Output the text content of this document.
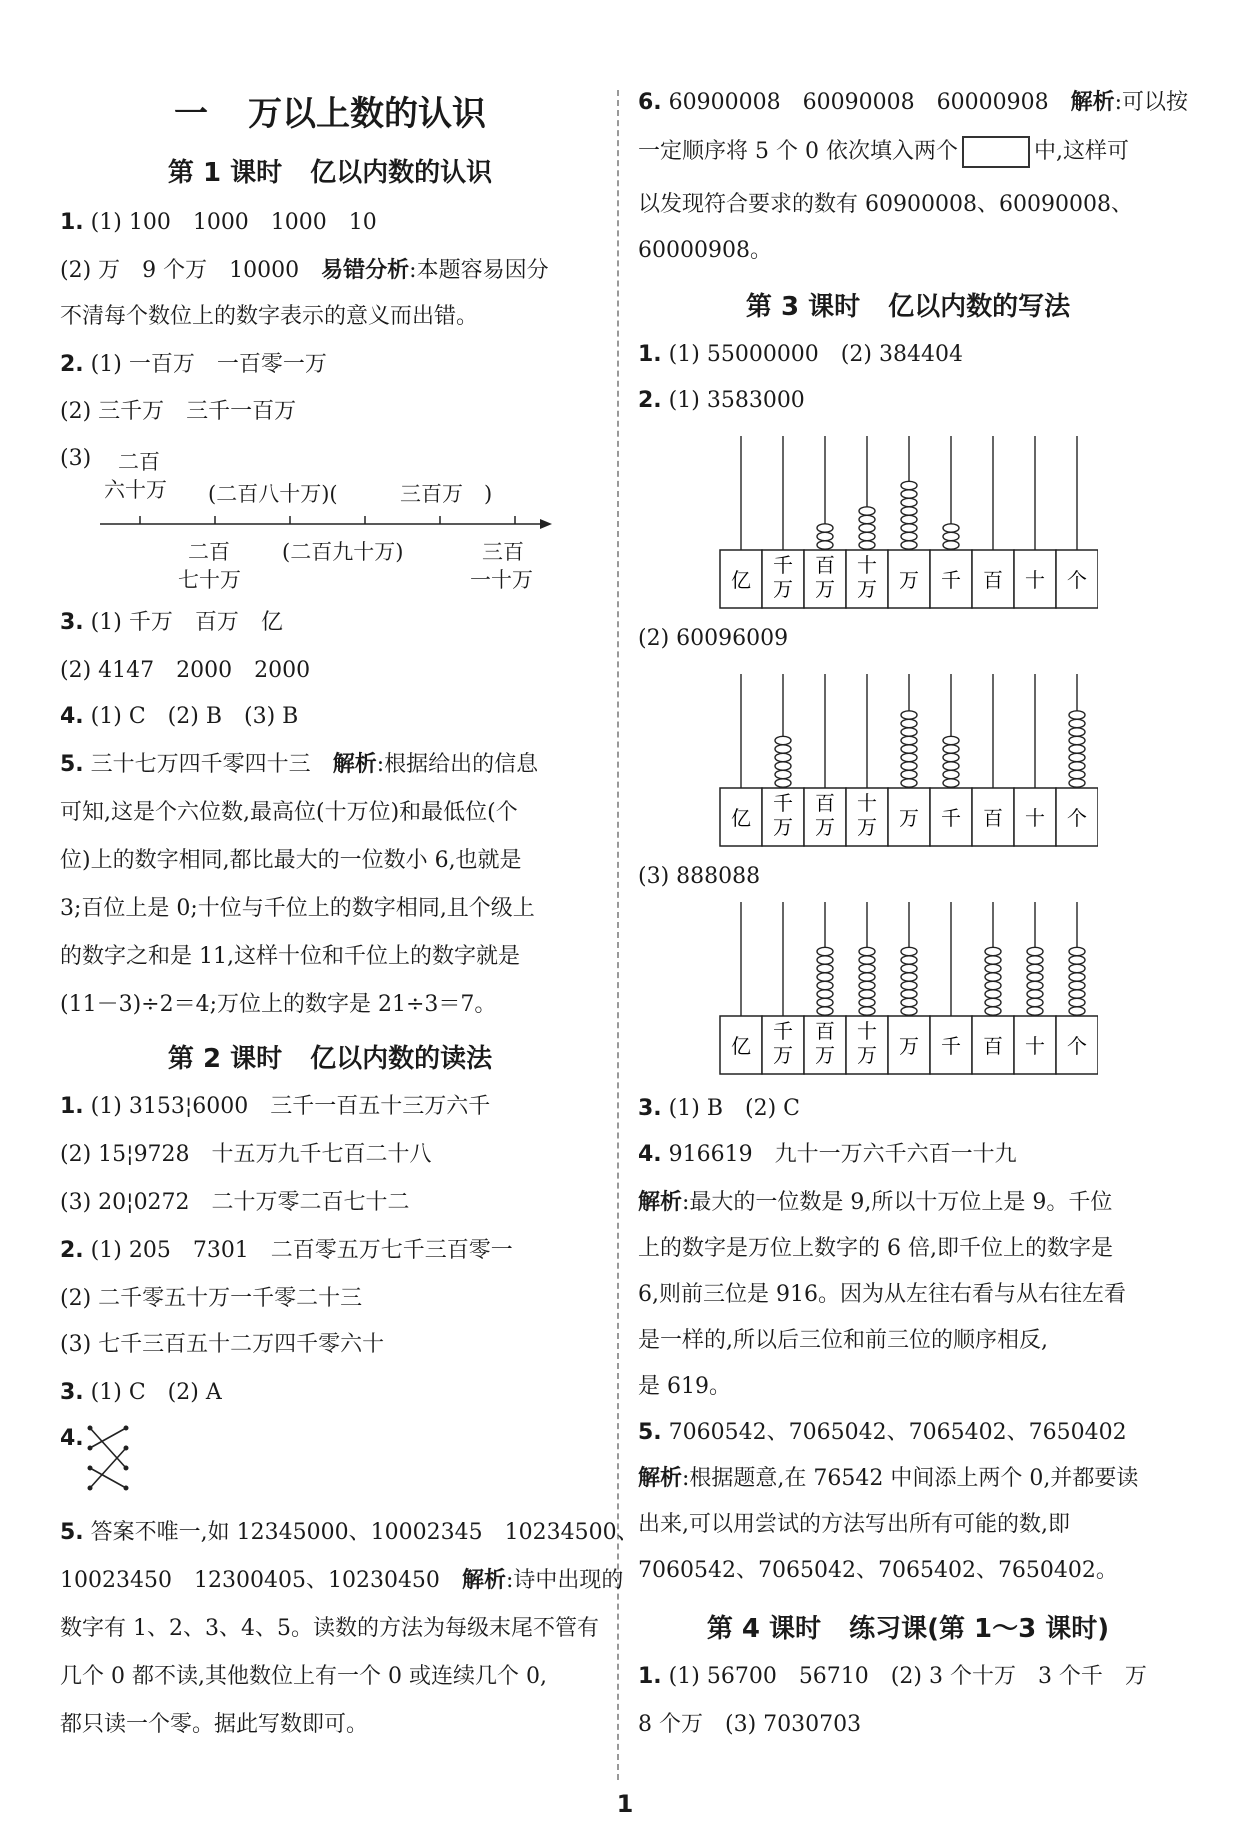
一 万以上数的认识
第 1 课时 亿以内数的认识
1. (1) 100　1000　1000　10
(2) 万　9 个万　10000　易错分析:本题容易因分
不清每个数位上的数字表示的意义而出错。
2. (1) 一百万　一百零一万
(2) 三千万　三千一百万
(3) 二百
六十万 (二百八十万)(	三百万　 )
二百
七十万
(二百九十万)	三百
一十万
3. (1) 千万　百万　亿
(2) 4147　2000　2000
4. (1) C　(2) B　(3) B
5. 三十七万四千零四十三　解析:根据给出的信息
可知,这是个六位数,最高位(十万位)和最低位(个
位)上的数字相同,都比最大的一位数小 6,也就是
3;百位上是 0;十位与千位上的数字相同,且个级上
的数字之和是 11,这样十位和千位上的数字就是
(11－3)÷2＝4;万位上的数字是 21÷3＝7。
第 2 课时 亿以内数的读法
1. (1) 3153¦6000　三千一百五十三万六千
(2) 15¦9728　十五万九千七百二十八
(3) 20¦0272　二十万零二百七十二
2. (1) 205　7301　二百零五万七千三百零一
(2) 二千零五十万一千零二十三
(3) 七千三百五十二万四千零六十
3. (1) C　(2) A
4.
5. 答案不唯一,如 12345000、10002345　10234500、
10023450　12300405、10230450　解析:诗中出现的
数字有 1、2、3、4、5。读数的方法为每级末尾不管有
几个 0 都不读,其他数位上有一个 0 或连续几个 0,
都只读一个零。据此写数即可。
6. 60900008　60090008　60000908　解析:可以按
一定顺序将 5 个 0 依次填入两个	中,这样可
以发现符合要求的数有 60900008、60090008、
60000908。
第 3 课时 亿以内数的写法
1. (1) 55000000　(2) 384404
2. (1) 3583000
亿
千
万
百
万
十
万 万 千 百 十 个
(2) 60096009
亿
千
万
百
万
十
万 万 千 百 十 个
(3) 888088
亿
千
万
百
万
十
万 万 千 百 十 个
3. (1) B　(2) C
4. 916619　九十一万六千六百一十九
解析:最大的一位数是 9,所以十万位上是 9。千位
上的数字是万位上数字的 6 倍,即千位上的数字是
6,则前三位是 916。因为从左往右看与从右往左看
是一样的,所以后三位和前三位的顺序相反,
是 619。
5. 7060542、7065042、7065402、7650402
解析:根据题意,在 76542 中间添上两个 0,并都要读
出来,可以用尝试的方法写出所有可能的数,即
7060542、7065042、7065402、7650402。
第 4 课时 练习课(第 1～3 课时)
1. (1) 56700　56710　(2) 3 个十万　3 个千　万
8 个万　(3) 7030703
1
